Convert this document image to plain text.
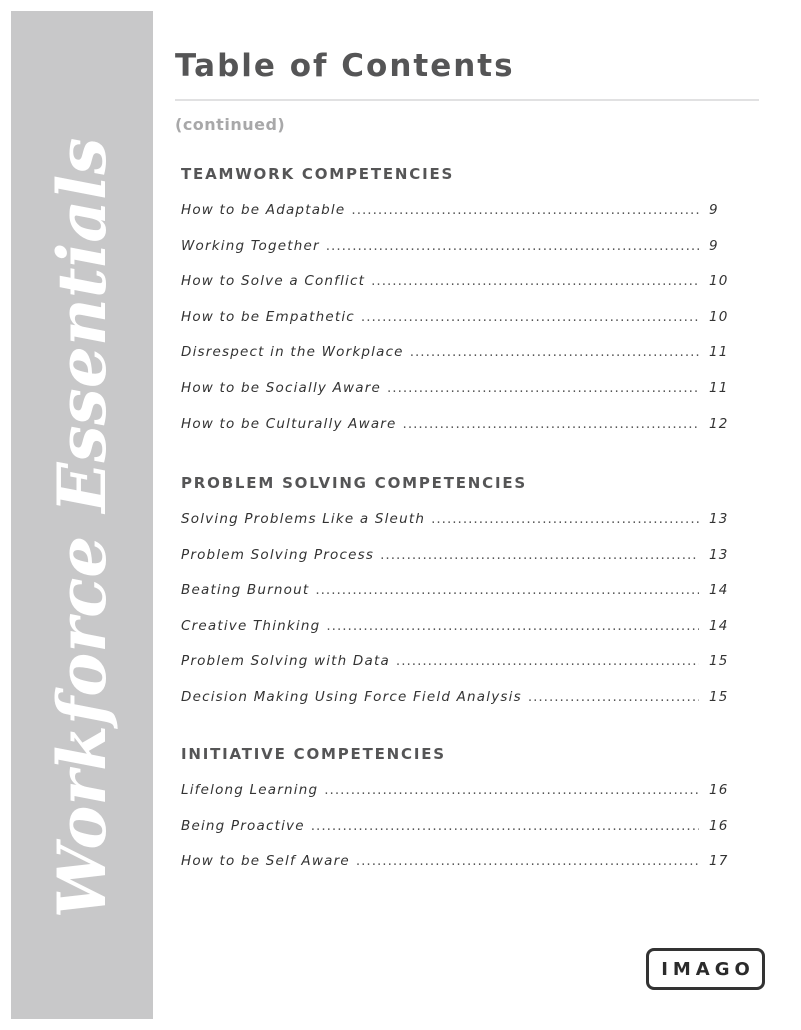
Workforce Essentials
Table of Contents
(continued)
TEAMWORK COMPETENCIES
How to be Adaptable .....	9
Working Together .....	9
How to Solve a Conflict .....	10
How to be Empathetic .....	10
Disrespect in the Workplace .....	11
How to be Socially Aware .....	11
How to be Culturally Aware .....	12
PROBLEM SOLVING COMPETENCIES
Solving Problems Like a Sleuth .....	13
Problem Solving Process .....	13
Beating Burnout .....	14
Creative Thinking .....	14
Problem Solving with Data .....	15
Decision Making Using Force Field Analysis .....	15
INITIATIVE COMPETENCIES
Lifelong Learning .....	16
Being Proactive .....	16
How to be Self Aware .....	17
IMAGO
